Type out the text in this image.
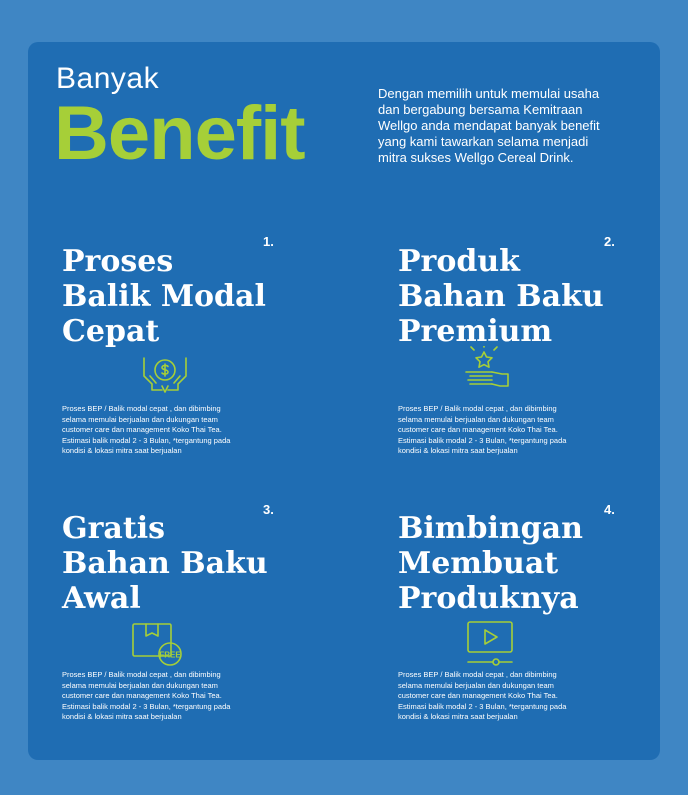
Banyak
Benefit	Dengan memilih untuk memulai usaha
dan bergabung bersama Kemitraan
Wellgo anda mendapat banyak benefit
yang kami tawarkan selama menjadi
mitra sukses Wellgo Cereal Drink.
1.
Proses
Balik Modal
Cepat
Proses BEP / Balik modal cepat , dan dibimbing
selama memulai berjualan dan dukungan team
customer care dan management Koko Thai Tea.
Estimasi balik modal 2 - 3 Bulan, *tergantung pada
kondisi & lokasi mitra saat berjualan
2.
Produk
Bahan Baku
Premium
Proses BEP / Balik modal cepat , dan dibimbing
selama memulai berjualan dan dukungan team
customer care dan management Koko Thai Tea.
Estimasi balik modal 2 - 3 Bulan, *tergantung pada
kondisi & lokasi mitra saat berjualan
3.
Gratis
Bahan Baku
Awal
FREE
Proses BEP / Balik modal cepat , dan dibimbing
selama memulai berjualan dan dukungan team
customer care dan management Koko Thai Tea.
Estimasi balik modal 2 - 3 Bulan, *tergantung pada
kondisi & lokasi mitra saat berjualan
4.
Bimbingan
Membuat
Produknya
Proses BEP / Balik modal cepat , dan dibimbing
selama memulai berjualan dan dukungan team
customer care dan management Koko Thai Tea.
Estimasi balik modal 2 - 3 Bulan, *tergantung pada
kondisi & lokasi mitra saat berjualan
